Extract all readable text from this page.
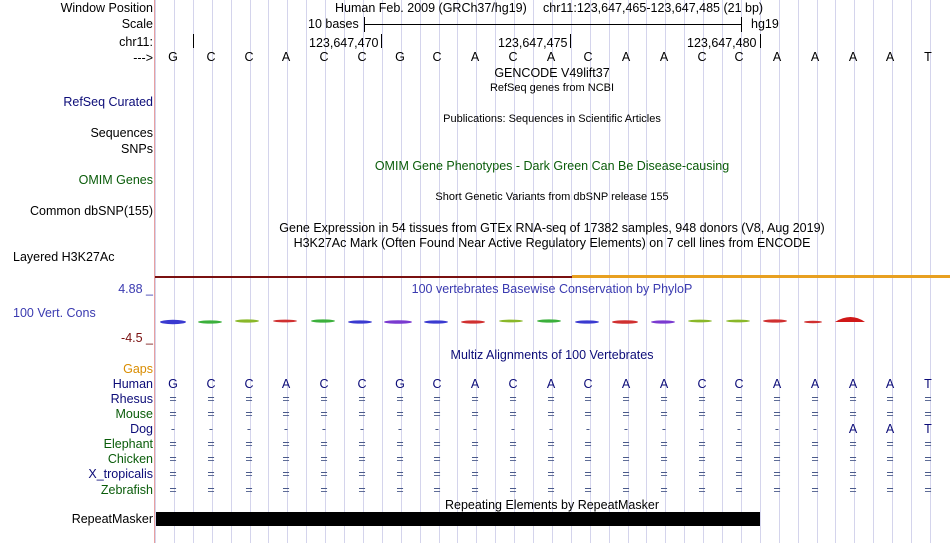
Window Position
Scale
chr11:
--->
Human Feb. 2009 (GRCh37/hg19) chr11:123,647,465-123,647,485 (21 bp)
10 bases	hg19
123,647,470	123,647,475	123,647,480
G	C	C	A	C	C	G	C	A	C	A	C	A	A	C	C	A	A	A	A	T
GENCODE V49lift37
RefSeq genes from NCBI
Publications: Sequences in Scientific Articles
OMIM Gene Phenotypes - Dark Green Can Be Disease-causing
Short Genetic Variants from dbSNP release 155
Gene Expression in 54 tissues from GTEx RNA-seq of 17382 samples, 948 donors (V8, Aug 2019)
H3K27Ac Mark (Often Found Near Active Regulatory Elements) on 7 cell lines from ENCODE
RefSeq Curated
Sequences
SNPs
OMIM Genes
Common dbSNP(155)
Layered H3K27Ac
4.88 _	100 vertebrates Basewise Conservation by PhyloP
100 Vert. Cons
-4.5 _
Multiz Alignments of 100 Vertebrates
Gaps
Human	G	C	C	A	C	C	G	C	A	C	A	C	A	A	C	C	A	A	A	A	T
Rhesus	=	=	=	=	=	=	=	=	=	=	=	=	=	=	=	=	=	=	=	=	=
Mouse	=	=	=	=	=	=	=	=	=	=	=	=	=	=	=	=	=	=	=	=	=
Dog	-	-	-	-	-	-	-	-	-	-	-	-	-	-	-	-	-	-	A	A	T
Elephant	=	=	=	=	=	=	=	=	=	=	=	=	=	=	=	=	=	=	=	=	=
Chicken	=	=	=	=	=	=	=	=	=	=	=	=	=	=	=	=	=	=	=	=	=
X_tropicalis	=	=	=	=	=	=	=	=	=	=	=	=	=	=	=	=	=	=	=	=	=
Zebrafish	=	=	=	=	=	=	=	=	=	=	=	=	=	=	=	=	=	=	=	=	=
Repeating Elements by RepeatMasker
RepeatMasker
